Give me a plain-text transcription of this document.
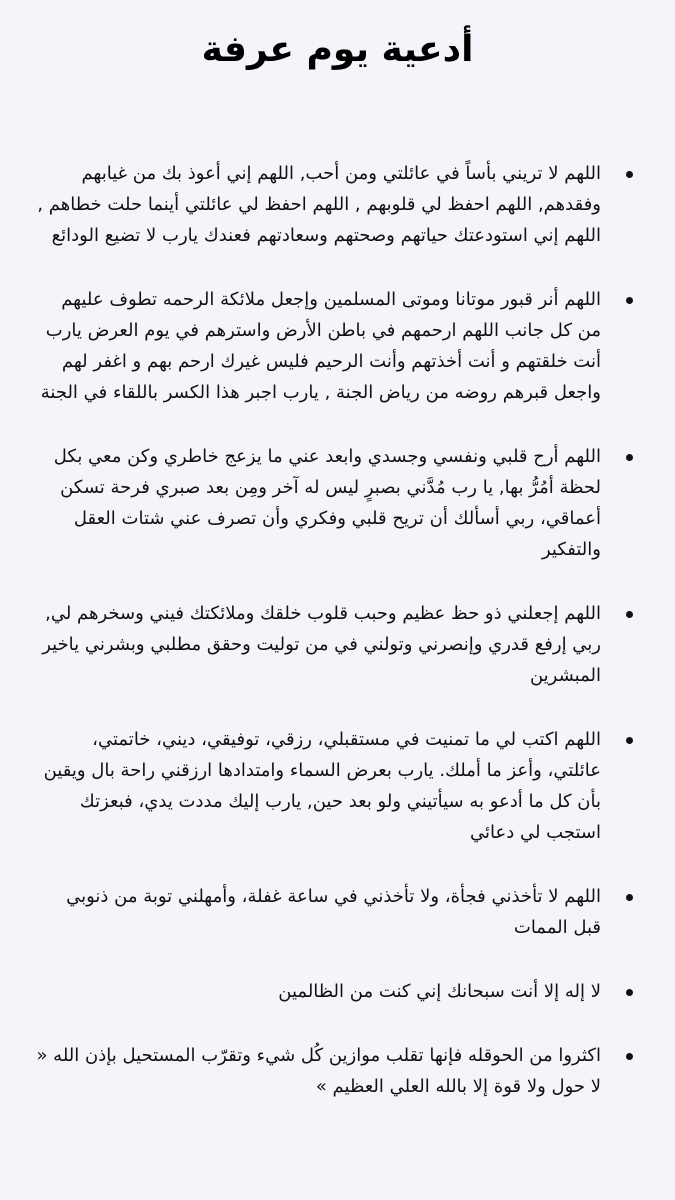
أدعية يوم عرفة
اللهم لا تريني بأساً في عائلتي ومن أحب, اللهم إني أعوذ بك من غيابهم وفقدهم, اللهم احفظ لي قلوبهم , اللهم احفظ لي عائلتي أينما حلت خطاهم , اللهم إني استودعتك حياتهم وصحتهم وسعادتهم فعندك يارب لا تضيع الودائع
اللهم أنر قبور موتانا وموتى المسلمين وإجعل ملائكة الرحمه تطوف عليهم من كل جانب اللهم ارحمهم في باطن الأرض واسترهم في يوم العرض يارب أنت خلقتهم و أنت أخذتهم وأنت الرحيم فليس غيرك ارحم بهم و اغفر لهم واجعل قبرهم روضه من رياض الجنة , يارب اجبر هذا الكسر باللقاء في الجنة
اللهم أرح قلبي ونفسي وجسدي وابعد عني ما يزعج خاطري وكن معي بكل لحظة أمُرُّ بها, يا رب مُدَّني بصبرٍ ليس له آخر ومِن بعد صبري فرحة تسكن أعماقي، ربي أسألك أن تريح قلبي وفكري وأن تصرف عني شتات العقل والتفكير
اللهم إجعلني ذو حظ عظيم وحبب قلوب خلقك وملائكتك فيني وسخرهم لي, ربي إرفع قدري وإنصرني وتولني في من توليت وحقق مطلبي وبشرني ياخير المبشرين
اللهم اكتب لي ما تمنيت في مستقبلي، رزقي، توفيقي، ديني، خاتمتي، عائلتي، وأعز ما أملك. يارب بعرض السماء وامتدادها ارزقني راحة بال ويقين بأن كل ما أدعو به سيأتيني ولو بعد حين, يارب إليك مددت يدي، فبعزتك استجب لي دعائي
اللهم لا تأخذني فجأة، ولا تأخذني في ساعة غفلة، وأمهلني توبة من ذنوبي قبل الممات
لا إله إلا أنت سبحانك إني كنت من الظالمين
اكثروا من الحوقله فإنها تقلب موازين كُل شيء وتقرّب المستحيل بإذن الله « لا حول ولا قوة إلا بالله العلي العظيم »
